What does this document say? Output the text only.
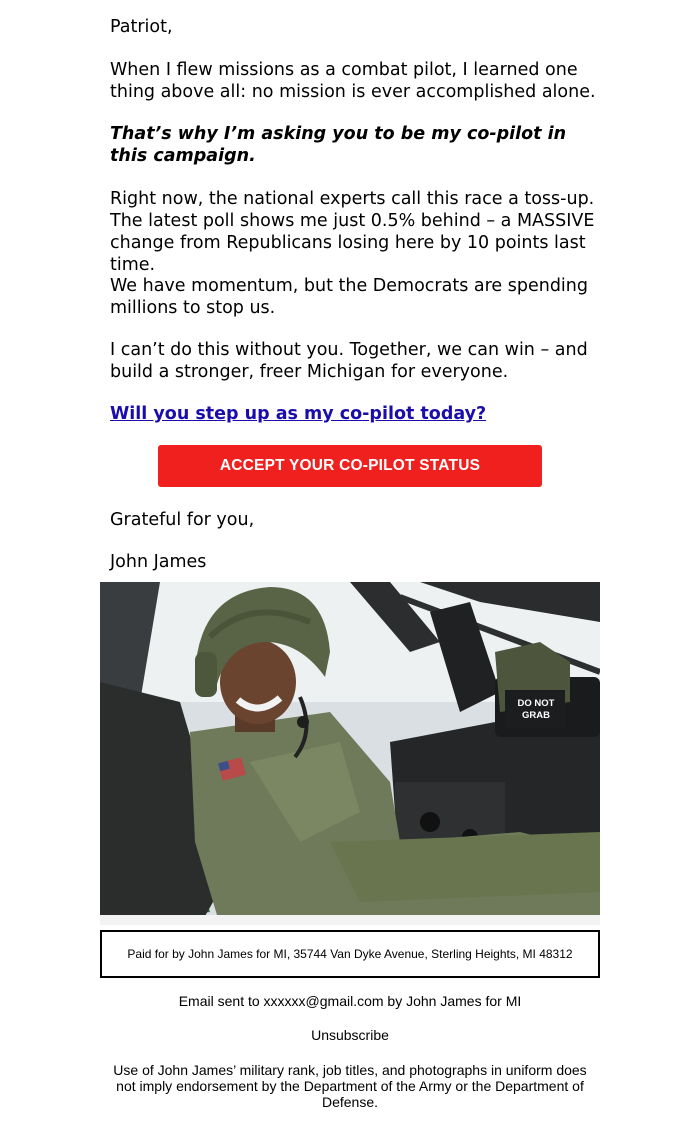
Patriot,
When I flew missions as a combat pilot, I learned one thing above all: no mission is ever accomplished alone.
That’s why I’m asking you to be my co-pilot in this campaign.
Right now, the national experts call this race a toss-up. The latest poll shows me just 0.5% behind – a MASSIVE change from Republicans losing here by 10 points last time.
We have momentum, but the Democrats are spending millions to stop us.
I can’t do this without you. Together, we can win – and build a stronger, freer Michigan for everyone.
Will you step up as my co-pilot today?
ACCEPT YOUR CO-PILOT STATUS
Grateful for you,
John James
DO NOT
GRAB
Paid for by John James for MI, 35744 Van Dyke Avenue, Sterling Heights, MI 48312
Email sent to xxxxxx@gmail.com by John James for MI
Unsubscribe
Use of John James’ military rank, job titles, and photographs in uniform does not imply endorsement by the Department of the Army or the Department of Defense.
